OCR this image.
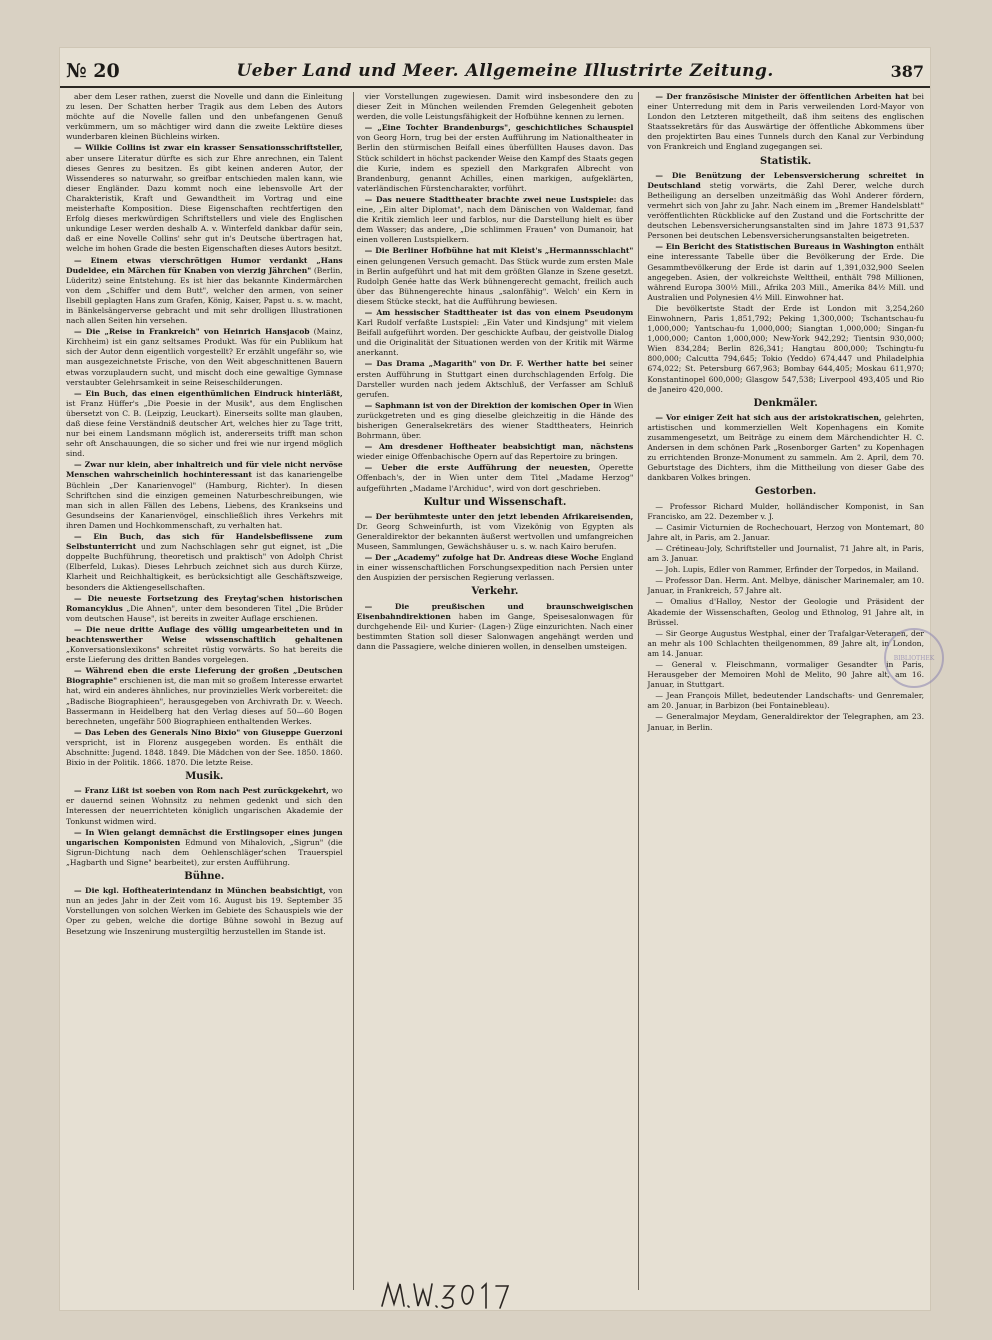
№ 20	Ueber Land und Meer. Allgemeine Illustrirte Zeitung.	387

aber dem Leser rathen, zuerst die Novelle und dann die Einleitung zu lesen. Der Schatten herber Tragik aus dem Leben des Autors möchte auf die Novelle fallen und den unbefangenen Genuß verkümmern, um so mächtiger wird dann die zweite Lektüre dieses wunderbaren kleinen Büchleins wirken.

— Wilkie Collins ist zwar ein krasser Sensationsschriftsteller, aber unsere Literatur dürfte es sich zur Ehre anrechnen, ein Talent dieses Genres zu besitzen. Es gibt keinen anderen Autor, der Wissenderes so naturwahr, so greifbar entschieden malen kann, wie dieser Engländer. Dazu kommt noch eine lebensvolle Art der Charakteristik, Kraft und Gewandtheit im Vortrag und eine meisterhafte Komposition. Diese Eigenschaften rechtfertigen den Erfolg dieses merkwürdigen Schriftstellers und viele des Englischen unkundige Leser werden deshalb A. v. Winterfeld dankbar dafür sein, daß er eine Novelle Collins' sehr gut in's Deutsche übertragen hat, welche im hohen Grade die besten Eigenschaften dieses Autors besitzt.

— Einem etwas vierschrötigen Humor verdankt „Hans Dudeldee, ein Märchen für Knaben von vierzig Jährchen" (Berlin, Lüderitz) seine Entstehung. Es ist hier das bekannte Kindermärchen von dem „Schiffer und dem Butt", welcher den armen, von seiner Ilsebill geplagten Hans zum Grafen, König, Kaiser, Papst u. s. w. macht, in Bänkelsängerverse gebracht und mit sehr drolligen Illustrationen nach allen Seiten hin versehen.

— Die „Reise in Frankreich" von Heinrich Hansjacob (Mainz, Kirchheim) ist ein ganz seltsames Produkt. Was für ein Publikum hat sich der Autor denn eigentlich vorgestellt? Er erzählt ungefähr so, wie man ausgezeichnetste Frische, von den Weit abgeschnittenen Bauern etwas vorzuplaudern sucht, und mischt doch eine gewaltige Gymnase verstaubter Gelehrsamkeit in seine Reiseschilderungen.

— Ein Buch, das einen eigenthümlichen Eindruck hinterläßt, ist Franz Hüffer's „Die Poesie in der Musik", aus dem Englischen übersetzt von C. B. (Leipzig, Leuckart). Einerseits sollte man glauben, daß diese feine Verständniß deutscher Art, welches hier zu Tage tritt, nur bei einem Landsmann möglich ist, andererseits trifft man schon sehr oft Anschauungen, die so sicher und frei wie nur irgend möglich sind.

— Zwar nur klein, aber inhaltreich und für viele nicht nervöse Menschen wahrscheinlich hochinteressant ist das kanariengelbe Büchlein „Der Kanarienvogel" (Hamburg, Richter). In diesen Schriftchen sind die einzigen gemeinen Naturbeschreibungen, wie man sich in allen Fällen des Lebens, Liebens, des Krankseins und Gesundseins der Kanarienvögel, einschließlich ihres Verkehrs mit ihren Damen und Hochkommenschaft, zu verhalten hat.

— Ein Buch, das sich für Handelsbeflissene zum Selbstunterricht und zum Nachschlagen sehr gut eignet, ist „Die doppelte Buchführung, theoretisch und praktisch" von Adolph Christ (Elberfeld, Lukas). Dieses Lehrbuch zeichnet sich aus durch Kürze, Klarheit und Reichhaltigkeit, es berücksichtigt alle Geschäftszweige, besonders die Aktiengesellschaften.

— Die neueste Fortsetzung des Freytag'schen historischen Romancyklus „Die Ahnen", unter dem besonderen Titel „Die Brüder vom deutschen Hause", ist bereits in zweiter Auflage erschienen.

— Die neue dritte Auflage des völlig umgearbeiteten und in beachtenswerther Weise wissenschaftlich gehaltenen „Konversationslexikons" schreitet rüstig vorwärts. So hat bereits die erste Lieferung des dritten Bandes vorgelegen.

— Während eben die erste Lieferung der großen „Deutschen Biographie" erschienen ist, die man mit so großem Interesse erwartet hat, wird ein anderes ähnliches, nur provinzielles Werk vorbereitet: die „Badische Biographieen", herausgegeben von Archivrath Dr. v. Weech. Bassermann in Heidelberg hat den Verlag dieses auf 50—60 Bogen berechneten, ungefähr 500 Biographieen enthaltenden Werkes.

— Das Leben des Generals Nino Bixio" von Giuseppe Guerzoni verspricht, ist in Florenz ausgegeben worden. Es enthält die Abschnitte: Jugend. 1848. 1849. Die Mädchen von der See. 1850. 1860. Bixio in der Politik. 1866. 1870. Die letzte Reise.

Musik.

— Franz Lißt ist soeben von Rom nach Pest zurückgekehrt, wo er dauernd seinen Wohnsitz zu nehmen gedenkt und sich den Interessen der neuerrichteten königlich ungarischen Akademie der Tonkunst widmen wird.

— In Wien gelangt demnächst die Erstlingsoper eines jungen ungarischen Komponisten Edmund von Mihalovich, „Sigrun" (die Sigrun-Dichtung nach dem Oehlenschläger'schen Trauerspiel „Hagbarth und Signe" bearbeitet), zur ersten Aufführung.

Bühne.

— Die kgl. Hoftheaterintendanz in München beabsichtigt, von nun an jedes Jahr in der Zeit vom 16. August bis 19. September 35 Vorstellungen von solchen Werken im Gebiete des Schauspiels wie der Oper zu geben, welche die dortige Bühne sowohl in Bezug auf Besetzung wie Inszenirung mustergiltig herzustellen im Stande ist.

vier Vorstellungen zugewiesen. Damit wird insbesondere den zu dieser Zeit in München weilenden Fremden Gelegenheit geboten werden, die volle Leistungsfähigkeit der Hofbühne kennen zu lernen.

— „Eine Tochter Brandenburgs", geschichtliches Schauspiel von Georg Horn, trug bei der ersten Aufführung im Nationaltheater in Berlin den stürmischen Beifall eines überfüllten Hauses davon. Das Stück schildert in höchst packender Weise den Kampf des Staats gegen die Kurie, indem es speziell den Markgrafen Albrecht von Brandenburg, genannt Achilles, einen markigen, aufgeklärten, vaterländischen Fürstencharakter, vorführt.

— Das neuere Stadttheater brachte zwei neue Lustspiele: das eine, „Ein alter Diplomat", nach dem Dänischen von Waldemar, fand die Kritik ziemlich leer und farblos, nur die Darstellung hielt es über dem Wasser; das andere, „Die schlimmen Frauen" von Dumanoir, hat einen volleren Lustspielkern.

— Die Berliner Hofbühne hat mit Kleist's „Hermannsschlacht" einen gelungenen Versuch gemacht. Das Stück wurde zum ersten Male in Berlin aufgeführt und hat mit dem größten Glanze in Szene gesetzt. Rudolph Genée hatte das Werk bühnengerecht gemacht, freilich auch über das Bühnengerechte hinaus „salonfähig". Welch' ein Kern in diesem Stücke steckt, hat die Aufführung bewiesen.

— Am hessischer Stadttheater ist das von einem Pseudonym Karl Rudolf verfaßte Lustspiel: „Ein Vater und Kindsjung" mit vielem Beifall aufgeführt worden. Der geschickte Aufbau, der geistvolle Dialog und die Originalität der Situationen werden von der Kritik mit Wärme anerkannt.

— Das Drama „Magarith" von Dr. F. Werther hatte bei seiner ersten Aufführung in Stuttgart einen durchschlagenden Erfolg. Die Darsteller wurden nach jedem Aktschluß, der Verfasser am Schluß gerufen.

— Saphmann ist von der Direktion der komischen Oper in Wien zurückgetreten und es ging dieselbe gleichzeitig in die Hände des bisherigen Generalsekretärs des wiener Stadttheaters, Heinrich Bohrmann, über.

— Am dresdener Hoftheater beabsichtigt man, nächstens wieder einige Offenbachische Opern auf das Repertoire zu bringen.

— Ueber die erste Aufführung der neuesten, Operette Offenbach's, der in Wien unter dem Titel „Madame Herzog" aufgeführten „Madame l'Archiduc", wird von dort geschrieben.

Kultur und Wissenschaft.

— Der berühmteste unter den jetzt lebenden Afrikareisenden, Dr. Georg Schweinfurth, ist vom Vizekönig von Egypten als Generaldirektor der bekannten äußerst wertvollen und umfangreichen Museen, Sammlungen, Gewächshäuser u. s. w. nach Kairo berufen.

— Der „Academy" zufolge hat Dr. Andreas diese Woche England in einer wissenschaftlichen Forschungsexpedition nach Persien unter den Auspizien der persischen Regierung verlassen.

Verkehr.

— Die preußischen und braunschweigischen Eisenbahndirektionen haben im Gange, Speisesalonwagen für durchgehende Eil- und Kurier- (Lagen-) Züge einzurichten. Nach einer bestimmten Station soll dieser Salonwagen angehängt werden und dann die Passagiere, welche dinieren wollen, in denselben umsteigen.

— Der französische Minister der öffentlichen Arbeiten hat bei einer Unterredung mit dem in Paris verweilenden Lord-Mayor von London den Letzteren mitgetheilt, daß ihm seitens des englischen Staatssekretärs für das Auswärtige der öffentliche Abkommens über den projektirten Bau eines Tunnels durch den Kanal zur Verbindung von Frankreich und England zugegangen sei.

Statistik.

— Die Benützung der Lebensversicherung schreitet in Deutschland stetig vorwärts, die Zahl Derer, welche durch Betheiligung an derselben unzeitmäßig das Wohl Anderer fördern, vermehrt sich von Jahr zu Jahr. Nach einem im „Bremer Handelsblatt" veröffentlichten Rückblicke auf den Zustand und die Fortschritte der deutschen Lebensversicherungsanstalten sind im Jahre 1873 91,537 Personen bei deutschen Lebensversicherungsanstalten beigetreten.

— Ein Bericht des Statistischen Bureaus in Washington enthält eine interessante Tabelle über die Bevölkerung der Erde. Die Gesammtbevölkerung der Erde ist darin auf 1,391,032,900 Seelen angegeben. Asien, der volkreichste Welttheil, enthält 798 Millionen, während Europa 300½ Mill., Afrika 203 Mill., Amerika 84½ Mill. und Australien und Polynesien 4½ Mill. Einwohner hat.

Die bevölkertste Stadt der Erde ist London mit 3,254,260 Einwohnern, Paris 1,851,792; Peking 1,300,000; Tschantschau-fu 1,000,000; Yantschau-fu 1,000,000; Siangtan 1,000,000; Singan-fu 1,000,000; Canton 1,000,000; New-York 942,292; Tientsin 930,000; Wien 834,284; Berlin 826,341; Hangtau 800,000; Tschingtu-fu 800,000; Calcutta 794,645; Tokio (Yeddo) 674,447 und Philadelphia 674,022; St. Petersburg 667,963; Bombay 644,405; Moskau 611,970; Konstantinopel 600,000; Glasgow 547,538; Liverpool 493,405 und Rio de Janeiro 420,000.

Denkmäler.

— Vor einiger Zeit hat sich aus der aristokratischen, gelehrten, artistischen und kommerziellen Welt Kopenhagens ein Komite zusammengesetzt, um Beiträge zu einem dem Märchendichter H. C. Andersen in dem schönen Park „Rosenborger Garten" zu Kopenhagen zu errichtenden Bronze-Monument zu sammeln. Am 2. April, dem 70. Geburtstage des Dichters, ihm die Mittheilung von dieser Gabe des dankbaren Volkes bringen.

Gestorben.

— Professor Richard Mulder, holländischer Komponist, in San Francisko, am 22. Dezember v. J.

— Casimir Victurnien de Rochechouart, Herzog von Montemart, 80 Jahre alt, in Paris, am 2. Januar.

— Crétineau-Joly, Schriftsteller und Journalist, 71 Jahre alt, in Paris, am 3. Januar.

— Joh. Lupis, Edler von Rammer, Erfinder der Torpedos, in Mailand.

— Professor Dan. Herm. Ant. Melbye, dänischer Marinemaler, am 10. Januar, in Frankreich, 57 Jahre alt.

— Omalius d'Halloy, Nestor der Geologie und Präsident der Akademie der Wissenschaften, Geolog und Ethnolog, 91 Jahre alt, in Brüssel.

— Sir George Augustus Westphal, einer der Trafalgar-Veteranen, der an mehr als 100 Schlachten theilgenommen, 89 Jahre alt, in London, am 14. Januar.

— General v. Fleischmann, vormaliger Gesandter in Paris, Herausgeber der Memoiren Mohl de Melito, 90 Jahre alt, am 16. Januar, in Stuttgart.

— Jean François Millet, bedeutender Landschafts- und Genremaler, am 20. Januar, in Barbizon (bei Fontainebleau).

— Generalmajor Meydam, Generaldirektor der Telegraphen, am 23. Januar, in Berlin.

BIBLIOTHEK
M.W.5017
